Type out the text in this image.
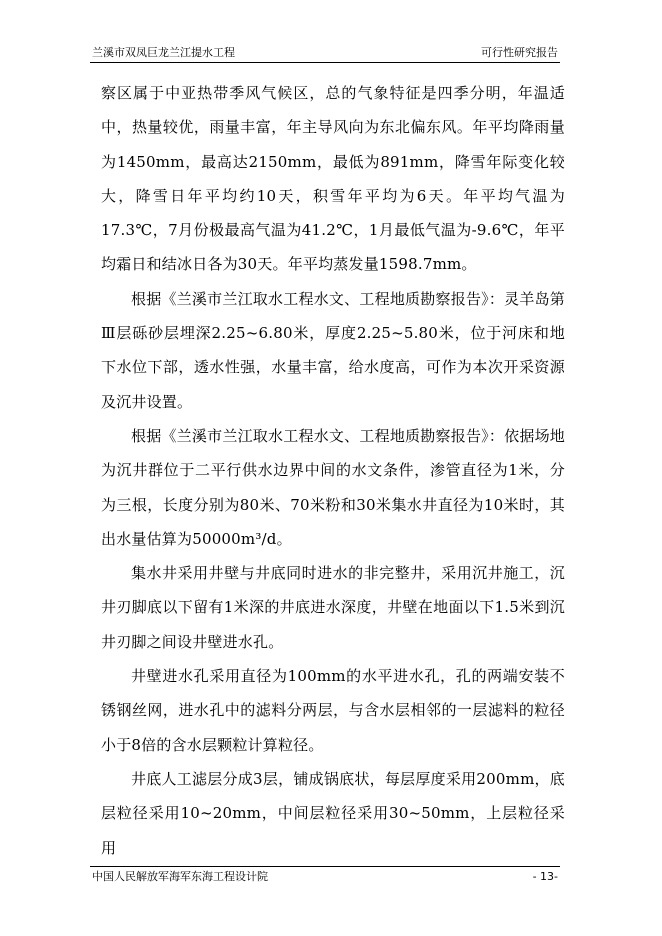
兰溪市双凤巨龙兰江提水工程	可行性研究报告

察区属于中亚热带季风气候区，总的气象特征是四季分明，年温适中，热量较优，雨量丰富，年主导风向为东北偏东风。年平均降雨量为1450mm，最高达2150mm，最低为891mm，降雪年际变化较大，降雪日年平均约10天，积雪年平均为6天。年平均气温为17.3℃，7月份极最高气温为41.2℃，1月最低气温为-9.6℃，年平均霜日和结冰日各为30天。年平均蒸发量1598.7mm。

根据《兰溪市兰江取水工程水文、工程地质勘察报告》：灵羊岛第Ⅲ层砾砂层埋深2.25~6.80米，厚度2.25~5.80米，位于河床和地下水位下部，透水性强，水量丰富，给水度高，可作为本次开采资源及沉井设置。

根据《兰溪市兰江取水工程水文、工程地质勘察报告》：依据场地为沉井群位于二平行供水边界中间的水文条件，渗管直径为1米，分为三根，长度分别为80米、70米粉和30米集水井直径为10米时，其出水量估算为50000m³/d。

集水井采用井壁与井底同时进水的非完整井，采用沉井施工，沉井刃脚底以下留有1米深的井底进水深度，井壁在地面以下1.5米到沉井刃脚之间设井壁进水孔。

井壁进水孔采用直径为100mm的水平进水孔，孔的两端安装不锈钢丝网，进水孔中的滤料分两层，与含水层相邻的一层滤料的粒径小于8倍的含水层颗粒计算粒径。

井底人工滤层分成3层，铺成锅底状，每层厚度采用200mm，底层粒径采用10~20mm，中间层粒径采用30~50mm，上层粒径采用

中国人民解放军海军东海工程设计院	- 13-
